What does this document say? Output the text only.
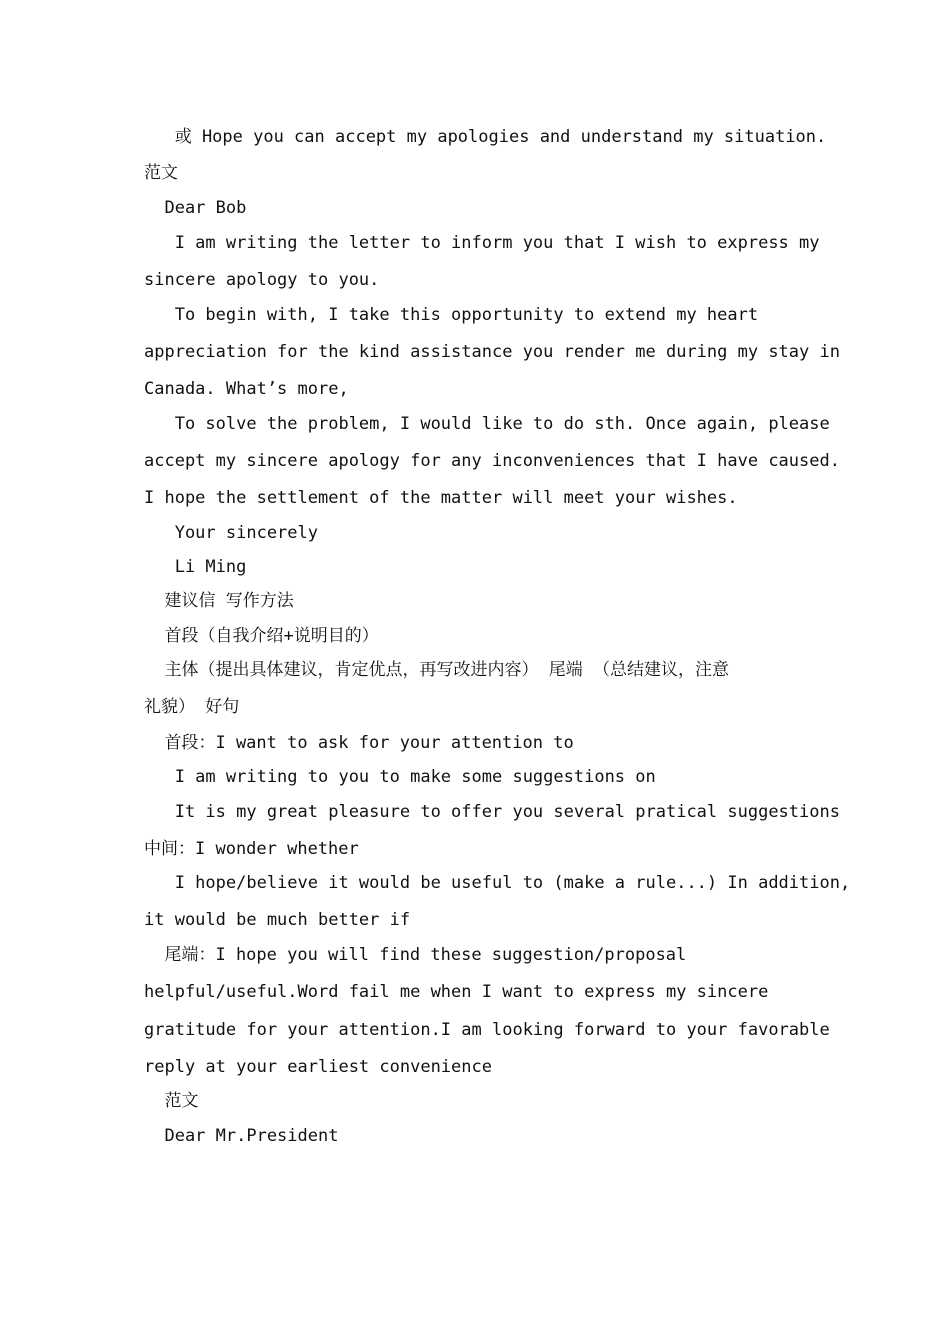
或 Hope you can accept my apologies and understand my situation.
范文
Dear Bob
I am writing the letter to inform you that I wish to express my
sincere apology to you.
To begin with, I take this opportunity to extend my heart
appreciation for the kind assistance you render me during my stay in
Canada. What’s more,
To solve the problem, I would like to do sth. Once again, please
accept my sincere apology for any inconveniences that I have caused.
I hope the settlement of the matter will meet your wishes.
Your sincerely
Li Ming
建议信 写作方法
首段（自我介绍+说明目的）
主体（提出具体建议，肯定优点，再写改进内容） 尾端 （总结建议，注意
礼貌） 好句
首段：I want to ask for your attention to
I am writing to you to make some suggestions on
It is my great pleasure to offer you several pratical suggestions
中间：I wonder whether
I hope/believe it would be useful to (make a rule...) In addition,
it would be much better if
尾端：I hope you will find these suggestion/proposal
helpful/useful.Word fail me when I want to express my sincere
gratitude for your attention.I am looking forward to your favorable
reply at your earliest convenience
范文
Dear Mr.President
